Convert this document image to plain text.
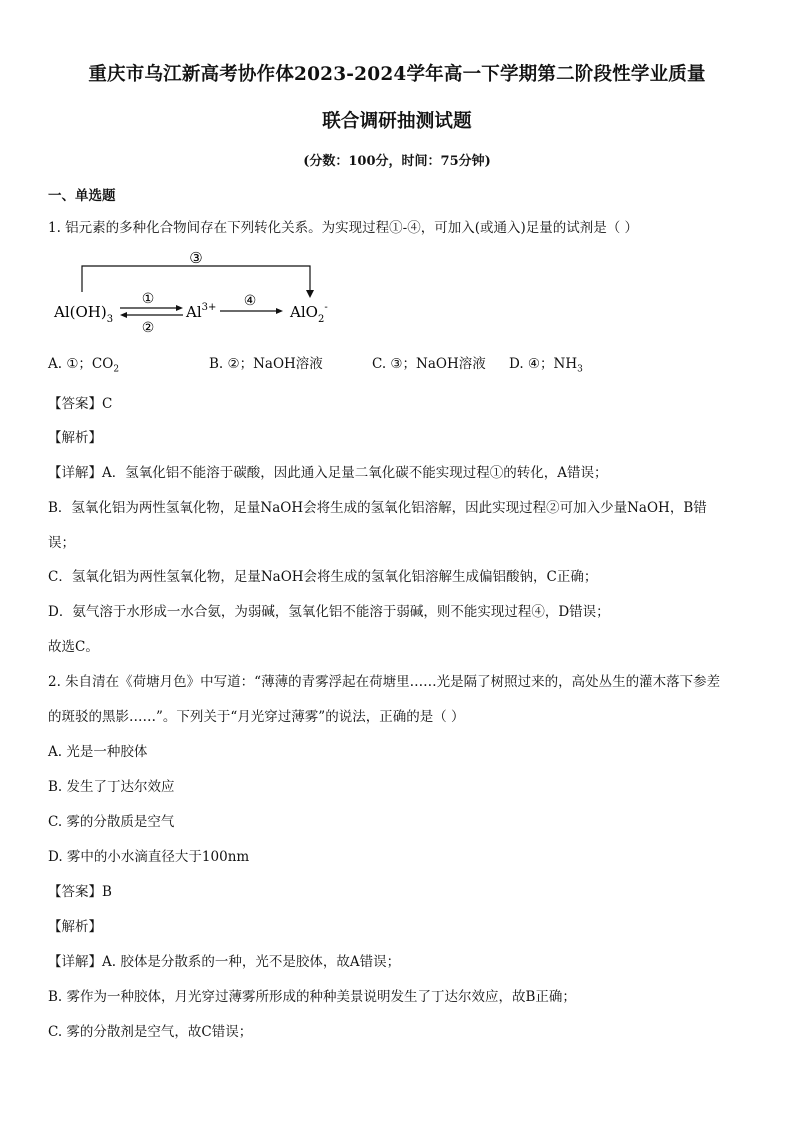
重庆市乌江新高考协作体2023-2024学年高一下学期第二阶段性学业质量
联合调研抽测试题
(分数：100分，时间：75分钟)
一、单选题
1. 铝元素的多种化合物间存在下列转化关系。为实现过程①-④，可加入(或通入)足量的试剂是（ ）
③
$Al(OH)_3$
①
②
$Al^{3+}$ ④
AlO$_2$-
A. ①；$CO_2$	B. ②；NaOH溶液	C. ③；NaOH溶液 D. ④；$NH_3$
【答案】C
【解析】
【详解】A．氢氧化铝不能溶于碳酸，因此通入足量二氧化碳不能实现过程①的转化，A错误；
B．氢氧化铝为两性氢氧化物，足量NaOH会将生成的氢氧化铝溶解，因此实现过程②可加入少量NaOH，B错
误；
C．氢氧化铝为两性氢氧化物，足量NaOH会将生成的氢氧化铝溶解生成偏铝酸钠，C正确；
D．氨气溶于水形成一水合氨，为弱碱，氢氧化铝不能溶于弱碱，则不能实现过程④，D错误；
故选C。
2. 朱自清在《荷塘月色》中写道：“薄薄的青雾浮起在荷塘里……光是隔了树照过来的，高处丛生的灌木落下参差
的斑驳的黑影……”。下列关于“月光穿过薄雾”的说法，正确的是（ ）
A. 光是一种胶体
B. 发生了丁达尔效应
C. 雾的分散质是空气
D. 雾中的小水滴直径大于100nm
【答案】B
【解析】
【详解】A. 胶体是分散系的一种，光不是胶体，故A错误；
B. 雾作为一种胶体，月光穿过薄雾所形成的种种美景说明发生了丁达尔效应，故B正确；
C. 雾的分散剂是空气，故C错误；
